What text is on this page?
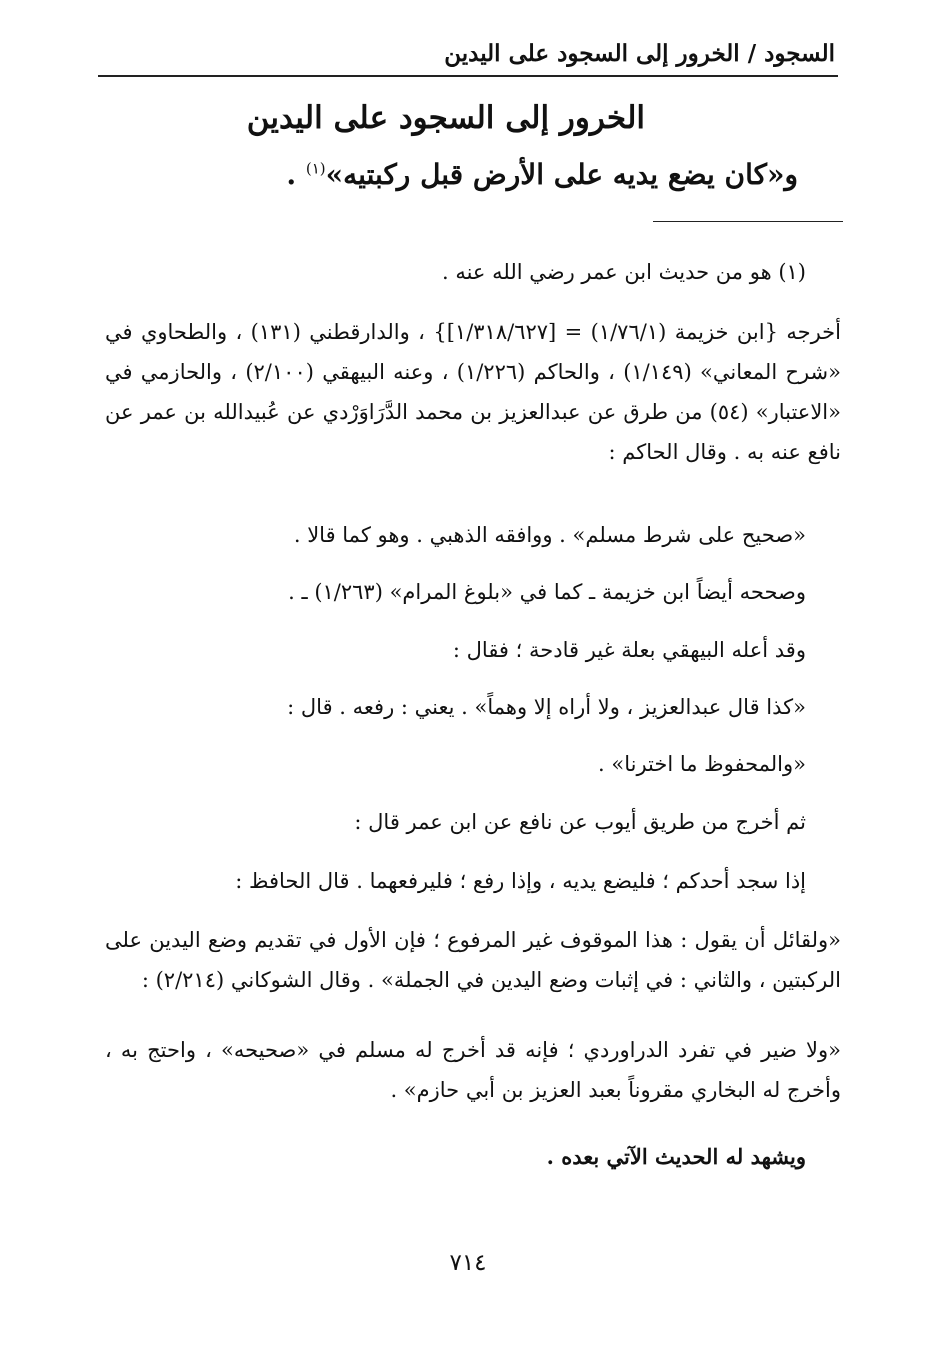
السجود / الخرور إلى السجود على اليدين
الخرور إلى السجود على اليدين
و«كان يضع يديه على الأرض قبل ركبتيه»$^{(١)}$ .
(١) هو من حديث ابن عمر رضي الله عنه .
أخرجه {ابن خزيمة (١/٧٦/١) = [١/٣١٨/٦٢٧]} ، والدارقطني (١٣١) ، والطحاوي في «شرح المعاني» (١/١٤٩) ، والحاكم (١/٢٢٦) ، وعنه البيهقي (٢/١٠٠) ، والحازمي في «الاعتبار» (٥٤) من طرق عن عبدالعزيز بن محمد الدَّرَاوَرْدي عن عُبيدالله بن عمر عن نافع عنه به . وقال الحاكم :
«صحيح على شرط مسلم» . ووافقه الذهبي . وهو كما قالا .
وصححه أيضاً ابن خزيمة ـ كما في «بلوغ المرام» (١/٢٦٣) ـ .
وقد أعله البيهقي بعلة غير قادحة ؛ فقال :
«كذا قال عبدالعزيز ، ولا أراه إلا وهماً» . يعني : رفعه . قال :
«والمحفوظ ما اخترنا» .
ثم أخرج من طريق أيوب عن نافع عن ابن عمر قال :
إذا سجد أحدكم ؛ فليضع يديه ، وإذا رفع ؛ فليرفعهما . قال الحافظ :
«ولقائل أن يقول : هذا الموقوف غير المرفوع ؛ فإن الأول في تقديم وضع اليدين على الركبتين ، والثاني : في إثبات وضع اليدين في الجملة» . وقال الشوكاني (٢/٢١٤) :
«ولا ضير في تفرد الدراوردي ؛ فإنه قد أخرج له مسلم في «صحيحه» ، واحتج به ، وأخرج له البخاري مقروناً بعبد العزيز بن أبي حازم» .
ويشهد له الحديث الآتي بعده .
٧١٤
